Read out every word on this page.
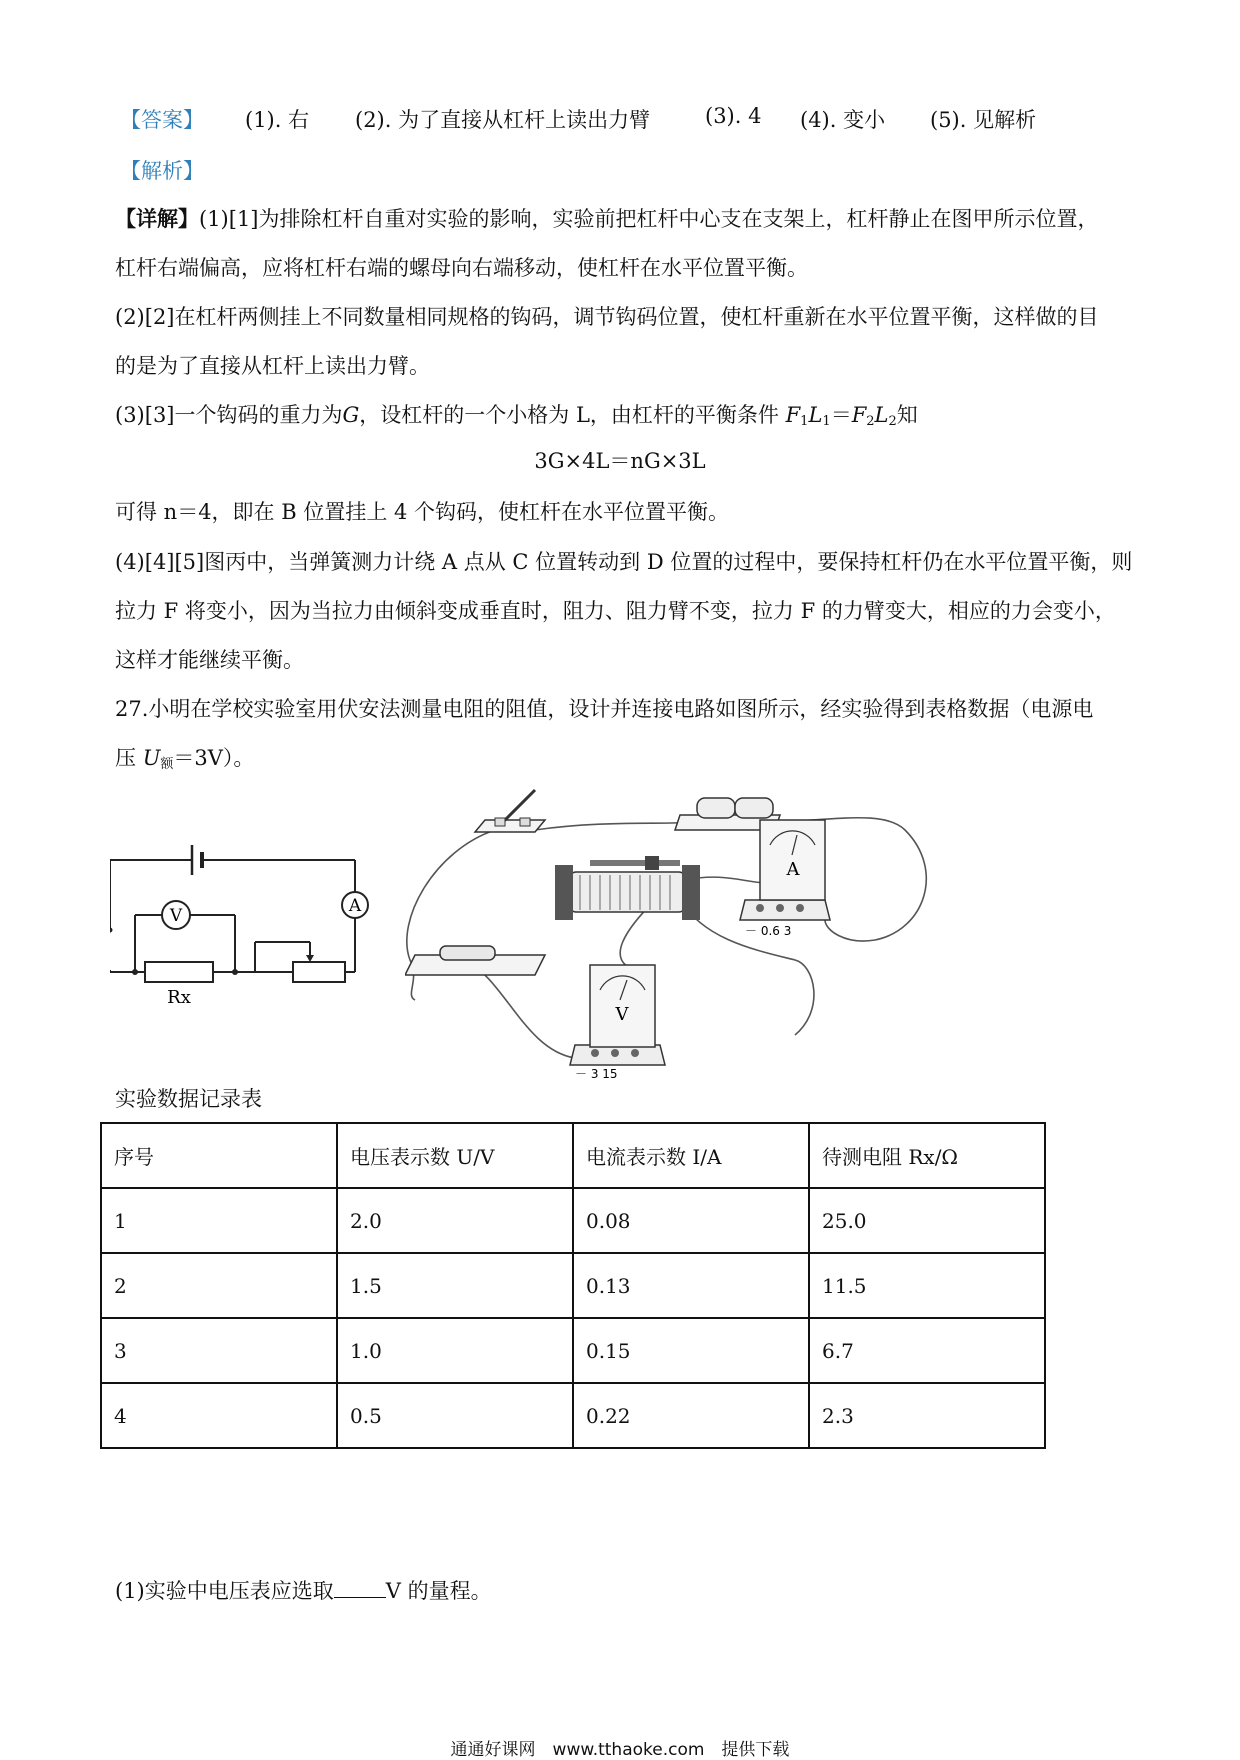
【答案】 (1). 右 (2). 为了直接从杠杆上读出力臂	(3). 4 (4). 变小 (5). 见解析
【解析】
【详解】(1)[1]为排除杠杆自重对实验的影响，实验前把杠杆中心支在支架上，杠杆静止在图甲所示位置，
杠杆右端偏高，应将杠杆右端的螺母向右端移动，使杠杆在水平位置平衡。
(2)[2]在杠杆两侧挂上不同数量相同规格的钩码，调节钩码位置，使杠杆重新在水平位置平衡，这样做的目
的是为了直接从杠杆上读出力臂。
(3)[3]一个钩码的重力为G，设杠杆的一个小格为 L，由杠杆的平衡条件 $F_1L_1=F_2L_2$知
3G×4L＝nG×3L
可得 n＝4，即在 B 位置挂上 4 个钩码，使杠杆在水平位置平衡。
(4)[4][5]图丙中，当弹簧测力计绕 A 点从 C 位置转动到 D 位置的过程中，要保持杠杆仍在水平位置平衡，则
拉力 F 将变小，因为当拉力由倾斜变成垂直时，阻力、阻力臂不变，拉力 F 的力臂变大，相应的力会变小，
这样才能继续平衡。
27.小明在学校实验室用伏安法测量电阻的阻值，设计并连接电路如图所示，经实验得到表格数据（电源电
压 $U_额=3V$）。
V	A
Rx
A
－ 0.6 3
V
－ 3 15
实验数据记录表
序号	电压表示数 U/V	电流表示数 I/A	待测电阻 Rx/Ω
1	2.0	0.08	25.0
2	1.5	0.13	11.5
3	1.0	0.15	6.7
4	0.5	0.22	2.3
(1)实验中电压表应选取 V 的量程。
通通好课网　www.tthaoke.com　提供下载
